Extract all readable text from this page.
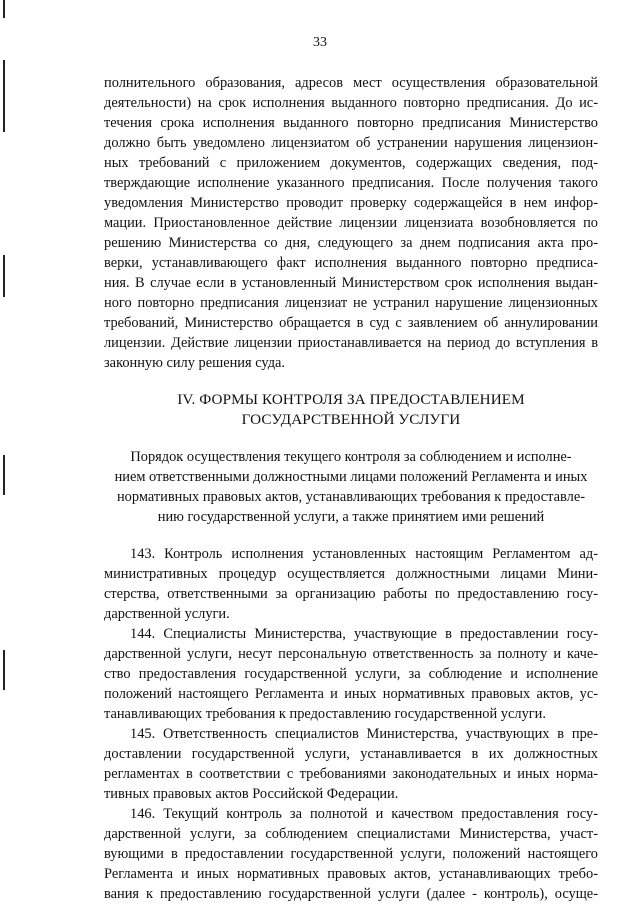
33
полнительного образования, адресов мест осуществления образовательной
деятельности) на срок исполнения выданного повторно предписания. До ис-
течения срока исполнения выданного повторно предписания Министерство
должно быть уведомлено лицензиатом об устранении нарушения лицензион-
ных требований с приложением документов, содержащих сведения, под-
тверждающие исполнение указанного предписания. После получения такого
уведомления Министерство проводит проверку содержащейся в нем инфор-
мации. Приостановленное действие лицензии лицензиата возобновляется по
решению Министерства со дня, следующего за днем подписания акта про-
верки, устанавливающего факт исполнения выданного повторно предписа-
ния. В случае если в установленный Министерством срок исполнения выдан-
ного повторно предписания лицензиат не устранил нарушение лицензионных
требований, Министерство обращается в суд с заявлением об аннулировании
лицензии. Действие лицензии приостанавливается на период до вступления в
законную силу решения суда.
IV. ФОРМЫ КОНТРОЛЯ ЗА ПРЕДОСТАВЛЕНИЕМ
ГОСУДАРСТВЕННОЙ УСЛУГИ
Порядок осуществления текущего контроля за соблюдением и исполне-
нием ответственными должностными лицами положений Регламента и иных
нормативных правовых актов, устанавливающих требования к предоставле-
нию государственной услуги, а также принятием ими решений
143. Контроль исполнения установленных настоящим Регламентом ад-
министративных процедур осуществляется должностными лицами Мини-
стерства, ответственными за организацию работы по предоставлению госу-
дарственной услуги.
144. Специалисты Министерства, участвующие в предоставлении госу-
дарственной услуги, несут персональную ответственность за полноту и каче-
ство предоставления государственной услуги, за соблюдение и исполнение
положений настоящего Регламента и иных нормативных правовых актов, ус-
танавливающих требования к предоставлению государственной услуги.
145. Ответственность специалистов Министерства, участвующих в пре-
доставлении государственной услуги, устанавливается в их должностных
регламентах в соответствии с требованиями законодательных и иных норма-
тивных правовых актов Российской Федерации.
146. Текущий контроль за полнотой и качеством предоставления госу-
дарственной услуги, за соблюдением специалистами Министерства, участ-
вующими в предоставлении государственной услуги, положений настоящего
Регламента и иных нормативных правовых актов, устанавливающих требо-
вания к предоставлению государственной услуги (далее - контроль), осуще-
